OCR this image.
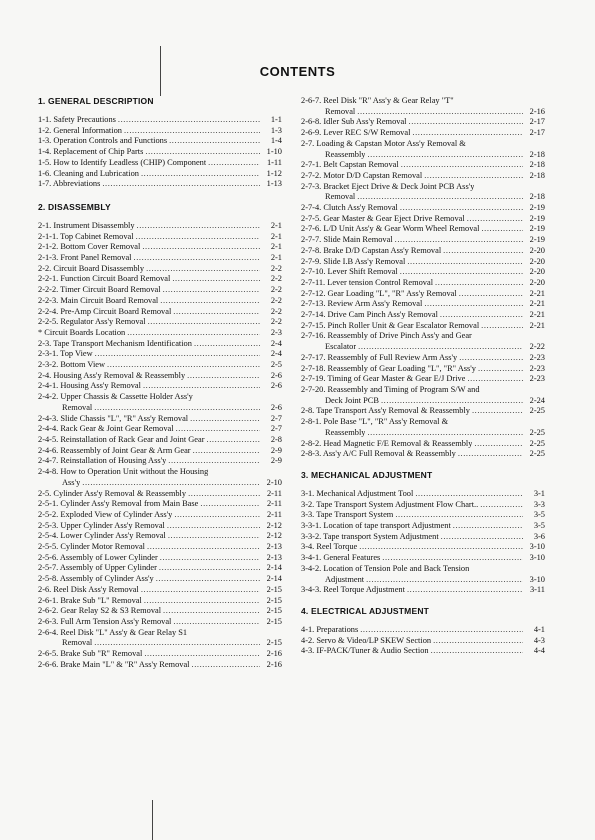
CONTENTS
1. GENERAL DESCRIPTION
1-1. Safety Precautions .....	1-1
1-2. General Information .....	1-3
1-3. Operation Controls and Functions .....	1-4
1-4. Replacement of Chip Parts .....	1-10
1-5. How to Identify Leadless (CHIP) Component .....	1-11
1-6. Cleaning and Lubrication .....	1-12
1-7. Abbreviations .....	1-13
2. DISASSEMBLY
2-1. Instrument Disassembly .....	2-1
2-1-1. Top Cabinet Removal .....	2-1
2-1-2. Bottom Cover Removal .....	2-1
2-1-3. Front Panel Removal .....	2-1
2-2. Circuit Board Disassembly .....	2-2
2-2-1. Function Circuit Board Removal .....	2-2
2-2-2. Timer Circuit Board Removal .....	2-2
2-2-3. Main Circuit Board Removal .....	2-2
2-2-4. Pre-Amp Circuit Board Removal .....	2-2
2-2-5. Regulator Ass'y Removal .....	2-2
* Circuit Boards Location .....	2-3
2-3. Tape Transport Mechanism Identification .....	2-4
2-3-1. Top View .....	2-4
2-3-2. Bottom View .....	2-5
2-4. Housing Ass'y Removal & Reassembly .....	2-6
2-4-1. Housing Ass'y Removal .....	2-6
2-4-2. Upper Chassis & Cassette Holder Ass'y
Removal .....	2-6
2-4-3. Slide Chassis "L", "R" Ass'y Removal .....	2-7
2-4-4. Rack Gear & Joint Gear Removal .....	2-7
2-4-5. Reinstallation of Rack Gear and Joint Gear .....	2-8
2-4-6. Reassembly of Joint Gear & Arm Gear .....	2-9
2-4-7. Reinstallation of Housing Ass'y .....	2-9
2-4-8. How to Operation Unit without the Housing
Ass'y .....	2-10
2-5. Cylinder Ass'y Removal & Reassembly .....	2-11
2-5-1. Cylinder Ass'y Removal from Main Base .....	2-11
2-5-2. Exploded View of Cylinder Ass'y .....	2-11
2-5-3. Upper Cylinder Ass'y Removal .....	2-12
2-5-4. Lower Cylinder Ass'y Removal .....	2-12
2-5-5. Cylinder Motor Removal .....	2-13
2-5-6. Assembly of Lower Cylinder .....	2-13
2-5-7. Assembly of Upper Cylinder .....	2-14
2-5-8. Assembly of Cylinder Ass'y .....	2-14
2-6. Reel Disk Ass'y Removal .....	2-15
2-6-1. Brake Sub "L" Removal .....	2-15
2-6-2. Gear Relay S2 & S3 Removal .....	2-15
2-6-3. Full Arm Tension Ass'y Removal .....	2-15
2-6-4. Reel Disk "L" Ass'y & Gear Relay S1
Removal .....	2-15
2-6-5. Brake Sub "R" Removal .....	2-16
2-6-6. Brake Main "L" & "R" Ass'y Removal .....	2-16
2-6-7. Reel Disk "R" Ass'y & Gear Relay "T"
Removal .....	2-16
2-6-8. Idler Sub Ass'y Removal .....	2-17
2-6-9. Lever REC S/W Removal .....	2-17
2-7. Loading & Capstan Motor Ass'y Removal &
Reassembly .....	2-18
2-7-1. Belt Capstan Removal .....	2-18
2-7-2. Motor D/D Capstan Removal .....	2-18
2-7-3. Bracket Eject Drive & Deck Joint PCB Ass'y
Removal .....	2-18
2-7-4. Clutch Ass'y Removal .....	2-19
2-7-5. Gear Master & Gear Eject Drive Removal .....	2-19
2-7-6. L/D Unit Ass'y & Gear Worm Wheel Removal .....	2-19
2-7-7. Slide Main Removal .....	2-19
2-7-8. Brake D/D Capstan Ass'y Removal .....	2-20
2-7-9. Slide I.B Ass'y Removal .....	2-20
2-7-10. Lever Shift Removal .....	2-20
2-7-11. Lever tension Control Removal .....	2-20
2-7-12. Gear Loading "L", "R" Ass'y Removal .....	2-21
2-7-13. Review Arm Ass'y Removal .....	2-21
2-7-14. Drive Cam Pinch Ass'y Removal .....	2-21
2-7-15. Pinch Roller Unit & Gear Escalator Removal .....	2-21
2-7-16. Reassembly of Drive Pinch Ass'y and Gear
Escalator .....	2-22
2-7-17. Reassembly of Full Review Arm Ass'y .....	2-23
2-7-18. Reassembly of Gear Loading "L", "R" Ass'y .....	2-23
2-7-19. Timing of Gear Master & Gear E/J Drive .....	2-23
2-7-20. Reassembly and Timing of Program S/W and
Deck Joint PCB .....	2-24
2-8. Tape Transport Ass'y Removal & Reassembly .....	2-25
2-8-1. Pole Base "L", "R" Ass'y Removal &
Reassembly .....	2-25
2-8-2. Head Magnetic F/E Removal & Reassembly .....	2-25
2-8-3. Ass'y A/C Full Removal & Reassembly .....	2-25
3. MECHANICAL ADJUSTMENT
3-1. Mechanical Adjustment Tool .....	3-1
3-2. Tape Transport System Adjustment Flow Chart.. .....	3-3
3-3. Tape Transport System .....	3-5
3-3-1. Location of tape transport Adjustment .....	3-5
3-3-2. Tape transport System Adjustment .....	3-6
3-4. Reel Torque .....	3-10
3-4-1. General Features .....	3-10
3-4-2. Location of Tension Pole and Back Tension
Adjustment .....	3-10
3-4-3. Reel Torque Adjustment .....	3-11
4. ELECTRICAL ADJUSTMENT
4-1. Preparations .....	4-1
4-2. Servo & Video/LP SKEW Section .....	4-3
4-3. IF-PACK/Tuner & Audio Section .....	4-4
